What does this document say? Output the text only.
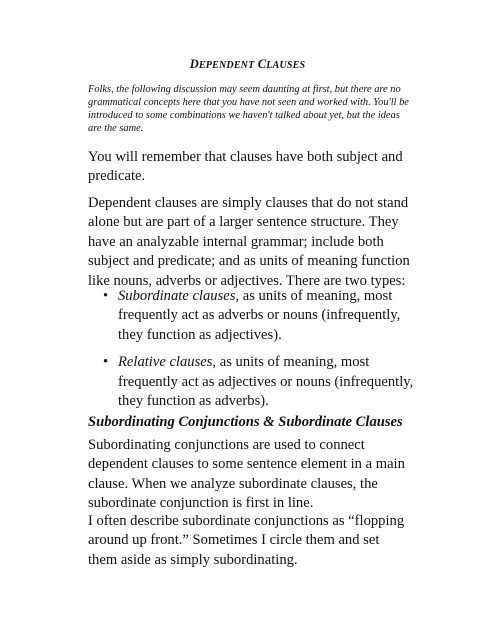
DEPENDENT CLAUSES

Folks, the following discussion may seem daunting at first, but there are no grammatical concepts here that you have not seen and worked with. You'll be introduced to some combinations we haven't talked about yet, but the ideas are the same.

You will remember that clauses have both subject and predicate.

Dependent clauses are simply clauses that do not stand alone but are part of a larger sentence structure. They have an analyzable internal grammar; include both subject and predicate; and as units of meaning function like nouns, adverbs or adjectives. There are two types:

• Subordinate clauses, as units of meaning, most frequently act as adverbs or nouns (infrequently, they function as adjectives).
• Relative clauses, as units of meaning, most frequently act as adjectives or nouns (infrequently, they function as adverbs).
Subordinating Conjunctions & Subordinate Clauses

Subordinating conjunctions are used to connect dependent clauses to some sentence element in a main clause. When we analyze subordinate clauses, the subordinate conjunction is first in line.

I often describe subordinate conjunctions as “flopping around up front.” Sometimes I circle them and set them aside as simply subordinating.
